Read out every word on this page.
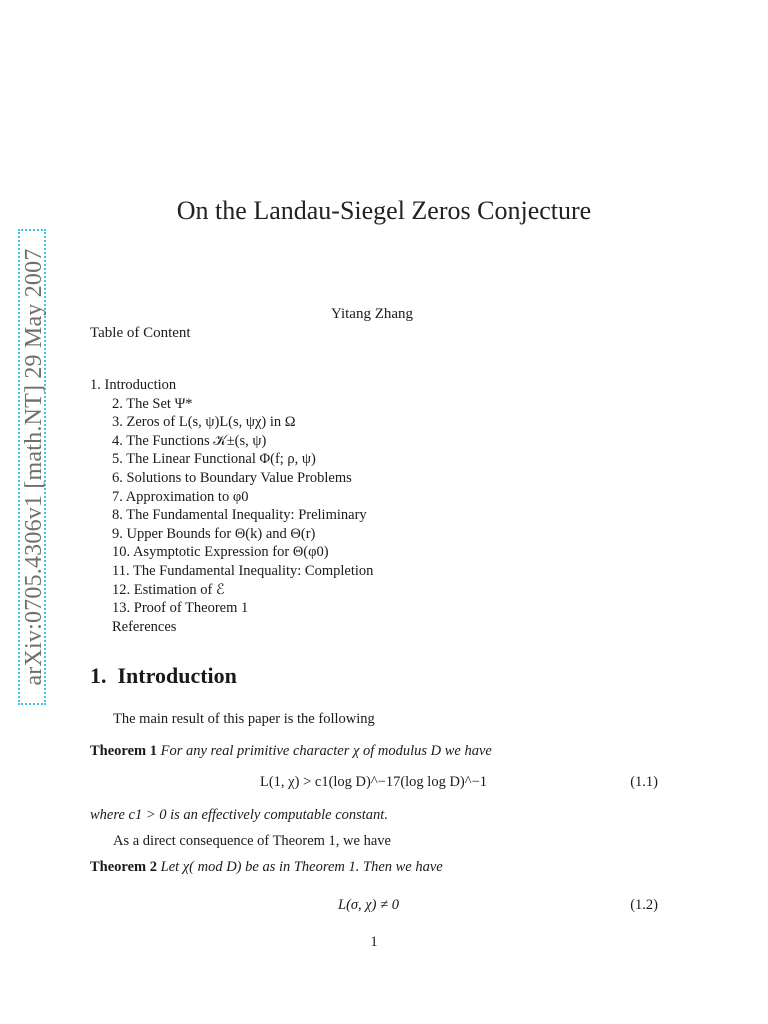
arXiv:0705.4306v1 [math.NT] 29 May 2007
On the Landau-Siegel Zeros Conjecture
Yitang Zhang
Table of Content
1. Introduction
2. The Set Ψ*
3. Zeros of L(s, ψ)L(s, ψχ) in Ω
4. The Functions 𝒦±(s, ψ)
5. The Linear Functional Φ(f; ρ, ψ)
6. Solutions to Boundary Value Problems
7. Approximation to φ0
8. The Fundamental Inequality: Preliminary
9. Upper Bounds for Θ(k) and Θ(r)
10. Asymptotic Expression for Θ(φ0)
11. The Fundamental Inequality: Completion
12. Estimation of ℰ
13. Proof of Theorem 1
References
1. Introduction
The main result of this paper is the following
Theorem 1 For any real primitive character χ of modulus D we have
L(1, χ) > c1(log D)^−17(log log D)^−1	(1.1)
where c1 > 0 is an effectively computable constant.
As a direct consequence of Theorem 1, we have
Theorem 2 Let χ( mod D) be as in Theorem 1. Then we have
L(σ, χ) ≠ 0	(1.2)
1
